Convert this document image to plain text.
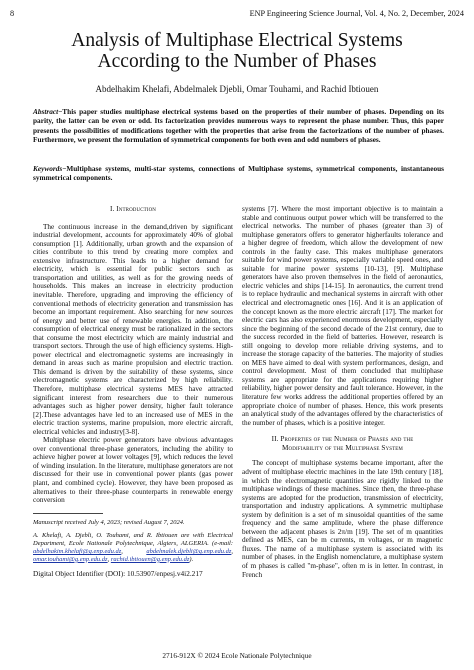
8	ENP Engineering Science Journal, Vol. 4, No. 2, December, 2024
Analysis of Multiphase Electrical Systems
According to the Number of Phases
Abdelhakim Khelafi, Abdelmalek Djebli, Omar Touhami, and Rachid Ibtiouen
Abstract−This paper studies multiphase electrical systems based on the properties of their number of phases. Depending on its parity, the latter can be even or odd. Its factorization provides numerous ways to represent the phase number. Thus, this paper presents the possibilities of modifications together with the properties that arise from the factorizations of the number of phases. Furthermore, we present the formulation of symmetrical components for both even and odd numbers of phases.
Keywords−Multiphase systems, multi-star systems, connections of Multiphase systems, symmetrical components, instantaneous symmetrical components.
I. Introduction

The continuous increase in the demand,driven by significant industrial development, accounts for approximately 40% of global consumption [1]. Additionally, urban growth and the expansion of cities contribute to this trend by creating more complex and extensive infrastructure. This leads to a higher demand for electricity, which is essential for public sectors such as transportation and utilities, as well as for the growing needs of households. This makes an increase in electricity production inevitable. Therefore, upgrading and improving the efficiency of conventional methods of electricity generation and transmission has become an important requirement. Also searching for new sources of energy and better use of renewable energies. In addition, the consumption of electrical energy must be rationalized in the sectors that consume the most electricity which are mainly industrial and transport sectors. Through the use of high efficiency systems. High-power electrical and electromagnetic systems are increasingly in demand in areas such as marine propulsion and electric traction. This demand is driven by the suitability of these systems, since electromagnetic systems are characterized by high reliability. Therefore, multiphase electrical systems MES have attracted significant interest from researchers due to their numerous advantages such as higher power density, higher fault tolerance [2].These advantages have led to an increased use of MES in the electric traction systems, marine propulsion, more electric aircraft, electrical vehicles and industry[3-8].

Multiphase electric power generators have obvious advantages over conventional three-phase generators, including the ability to achieve higher power at lower voltages [9], which reduces the level of winding insulation. In the literature, multiphase generators are not discussed for their use in conventional power plants (gas power plant, and combined cycle). However, they have been proposed as alternatives to their three-phase counterparts in renewable energy conversion

Manuscript received July 4, 2023; revised August 7, 2024.
A. Khelafi, A. Djebli, O. Touhami, and R. Ibtiouen are with Electrical Department, Ecole Nationale Polytechnique, Algiers, ALGERIA. (e-mail: abdelhakim.khelafi@g.enp.edu.dz, abdelmalek.djebli@g.enp.edu.dz, omar.touhami@g.enp.edu.dz, rachid.ibtiouen@g.enp.edu.dz).
Digital Object Identifier (DOI): 10.53907/enpesj.v4i2.217

systems [7]. Where the most important objective is to maintain a stable and continuous output power which will be transferred to the electrical networks. The number of phases (greater than 3) of multiphase generators offers to generator higherfaults tolerance and a higher degree of freedom, which allow the development of new controls in the faulty case. This makes multiphase generators suitable for wind power systems, especially variable speed ones, and suitable for marine power systems [10-13], [9]. Multiphase generators have also proven themselves in the field of aeronautics, electric vehicles and ships [14-15]. In aeronautics, the current trend is to replace hydraulic and mechanical systems in aircraft with other electrical and electromagnetic ones [16]. And it is an application of the concept known as the more electric aircraft [17]. The market for electric cars has also experienced enormous development, especially since the beginning of the second decade of the 21st century, due to the success recorded in the field of batteries. However, research is still ongoing to develop more reliable driving systems, and to increase the storage capacity of the batteries. The majority of studies on MES have aimed to deal with system performances, design, and control development. Most of them concluded that multiphase systems are appropriate for the applications requiring higher reliability, higher power density and fault tolerance. However, in the literature few works address the additional properties offered by an appropriate choice of number of phases. Hence, this work presents an analytical study of the advantages offered by the characteristics of the number of phases, which is a positive integer.

II. Properties of the Number of Phases and the
Modifiability of the Multiphase System

The concept of multiphase systems became important, after the advent of multiphase electric machines in the late 19th century [18], in which the electromagnetic quantities are rigidly linked to the multiphase windings of these machines. Since then, the three-phase systems are adopted for the production, transmission of electricity, transportation and industry applications. A symmetric multiphase system by definition is a set of m sinusoidal quantities of the same frequency and the same amplitude, where the phase difference between the adjacent phases is 2π/m [19]. The set of m quantities defined as MES, can be m currents, m voltages, or m magnetic fluxes. The name of a multiphase system is associated with its number of phases. in the English nomenclature, a multiphase system of m phases is called "m-phase", often m is in letter. In contrast, in French

2716-912X © 2024 Ecole Nationale Polytechnique
